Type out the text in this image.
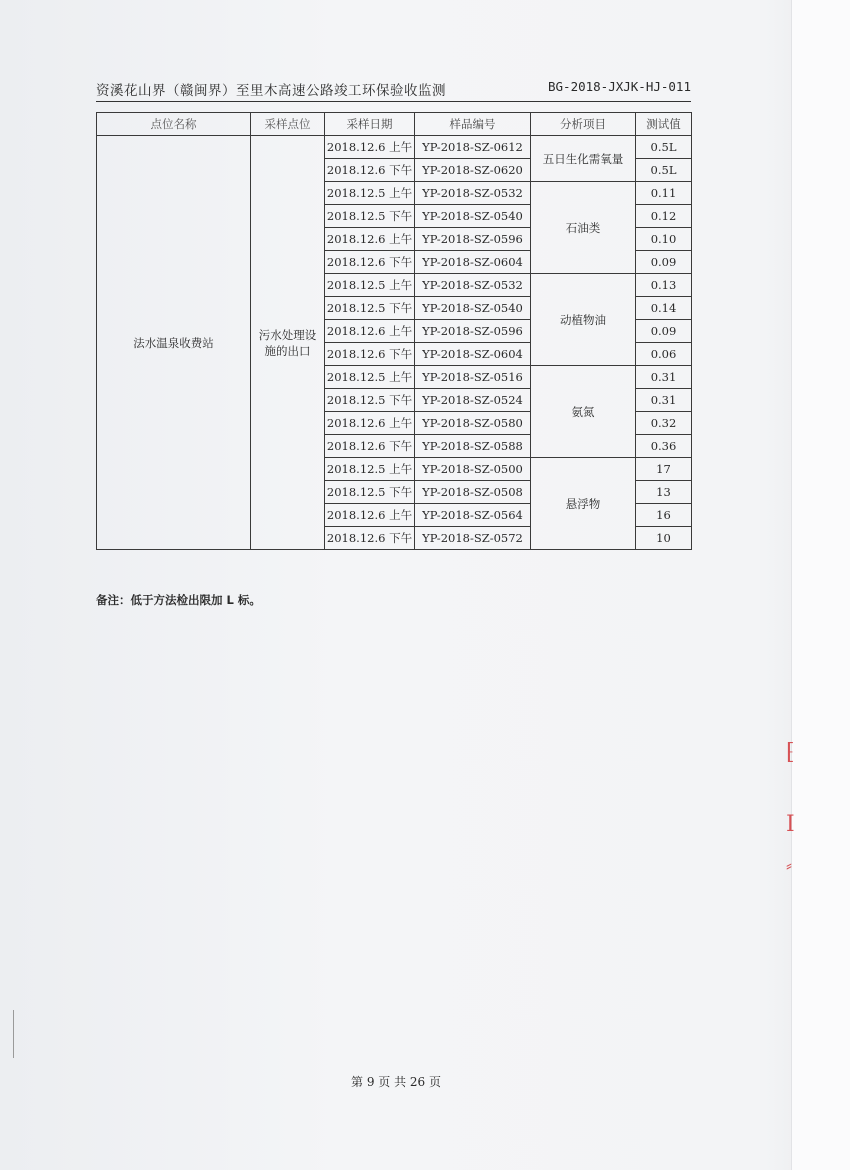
资溪花山界（赣闽界）至里木高速公路竣工环保验收监测	BG-2018-JXJK-HJ-011
点位名称	采样点位	采样日期	样品编号	分析项目	测试值
法水温泉收费站	污水处理设施的出口	2018.12.6 上午	YP-2018-SZ-0612	五日生化需氧量	0.5L
		2018.12.6 下午	YP-2018-SZ-0620		0.5L
		2018.12.5 上午	YP-2018-SZ-0532	石油类	0.11
		2018.12.5 下午	YP-2018-SZ-0540		0.12
		2018.12.6 上午	YP-2018-SZ-0596		0.10
		2018.12.6 下午	YP-2018-SZ-0604		0.09
		2018.12.5 上午	YP-2018-SZ-0532	动植物油	0.13
		2018.12.5 下午	YP-2018-SZ-0540		0.14
		2018.12.6 上午	YP-2018-SZ-0596		0.09
		2018.12.6 下午	YP-2018-SZ-0604		0.06
		2018.12.5 上午	YP-2018-SZ-0516	氨氮	0.31
		2018.12.5 下午	YP-2018-SZ-0524		0.31
		2018.12.6 上午	YP-2018-SZ-0580		0.32
		2018.12.6 下午	YP-2018-SZ-0588		0.36
		2018.12.5 上午	YP-2018-SZ-0500	悬浮物	17
		2018.12.5 下午	YP-2018-SZ-0508		13
		2018.12.6 上午	YP-2018-SZ-0564		16
		2018.12.6 下午	YP-2018-SZ-0572		10
备注：低于方法检出限加 L 标。
第 9 页 共 26 页
⁅
I
⸗
